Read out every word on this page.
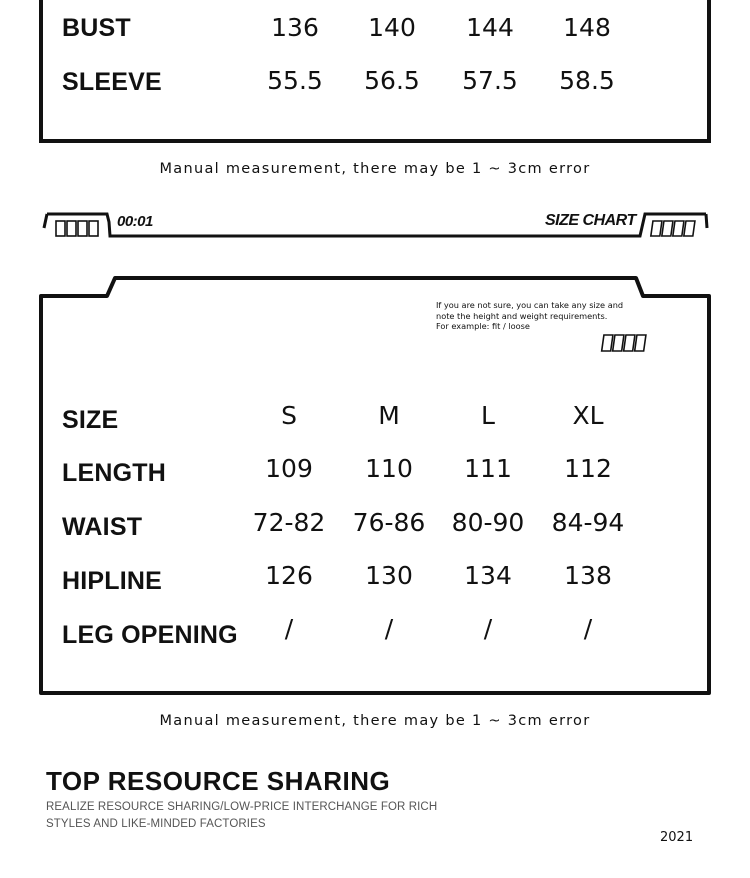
BUST	136	140	144	148
SLEEVE	55.5	56.5	57.5	58.5
Manual measurement, there may be 1 ~ 3cm error
00:01	SIZE CHART
If you are not sure, you can take any size and
note the height and weight requirements.
For example: fit / loose
SIZE	S	M	L	XL
LENGTH	109	110	111	112
WAIST	72-82	76-86	80-90	84-94
HIPLINE	126	130	134	138
LEG OPENING	/	/	/	/
Manual measurement, there may be 1 ~ 3cm error
TOP RESOURCE SHARING
REALIZE RESOURCE SHARING/LOW-PRICE INTERCHANGE FOR RICH
STYLES AND LIKE-MINDED FACTORIES
2021
